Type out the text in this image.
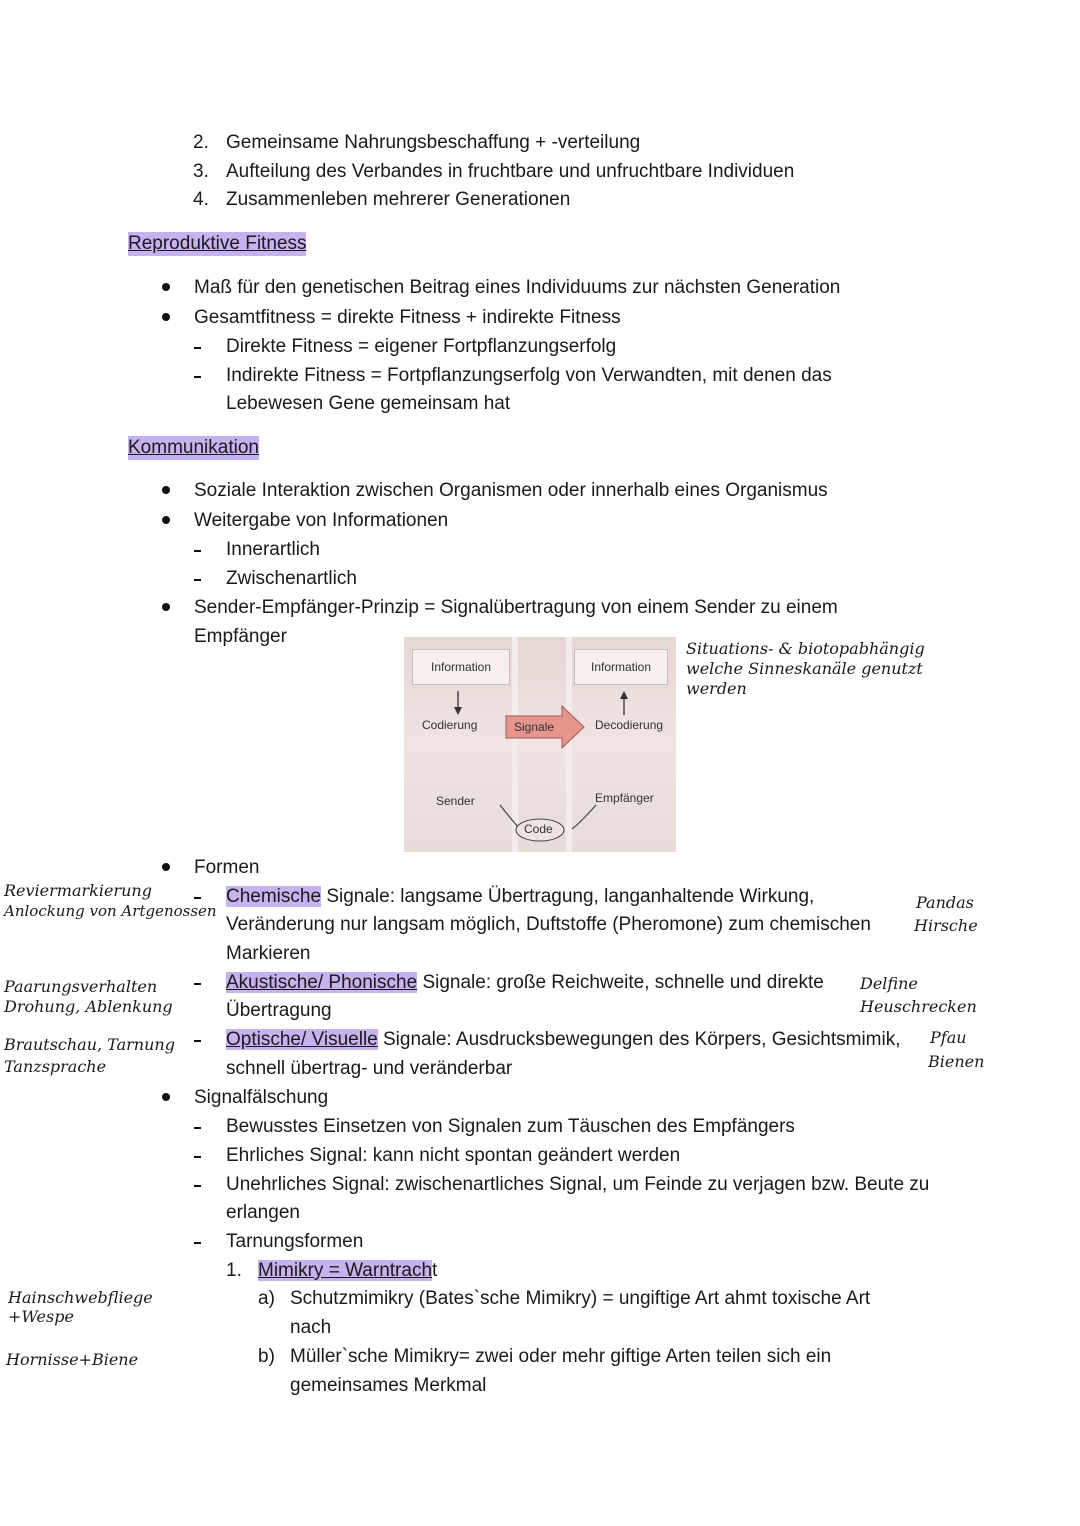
2. Gemeinsame Nahrungsbeschaffung + -verteilung
3. Aufteilung des Verbandes in fruchtbare und unfruchtbare Individuen
4. Zusammenleben mehrerer Generationen
Reproduktive Fitness
Maß für den genetischen Beitrag eines Individuums zur nächsten Generation
Gesamtfitness = direkte Fitness + indirekte Fitness
Direkte Fitness = eigener Fortpflanzungserfolg
Indirekte Fitness = Fortpflanzungserfolg von Verwandten, mit denen das
Lebewesen Gene gemeinsam hat
Kommunikation
Soziale Interaktion zwischen Organismen oder innerhalb eines Organismus
Weitergabe von Informationen
Innerartlich
Zwischenartlich
Sender-Empfänger-Prinzip = Signalübertragung von einem Sender zu einem
Empfänger
Information	Information
Codierung	Signale	Decodierung
Sender	Empfänger
Code
Situations- & biotopabhängig
welche Sinneskanäle genutzt
werden
Formen
Chemische Signale: langsame Übertragung, langanhaltende Wirkung,
Veränderung nur langsam möglich, Duftstoffe (Pheromone) zum chemischen
Markieren
Akustische/ Phonische Signale: große Reichweite, schnelle und direkte
Übertragung
Optische/ Visuelle Signale: Ausdrucksbewegungen des Körpers, Gesichtsmimik,
schnell übertrag- und veränderbar
Reviermarkierung
Anlockung von Artgenossen
Paarungsverhalten
Drohung, Ablenkung
Brautschau, Tarnung
Tanzsprache
Hainschwebfliege
+Wespe
Hornisse+Biene
Pandas
Hirsche
Delfine
Heuschrecken
Pfau
Bienen
Signalfälschung
Bewusstes Einsetzen von Signalen zum Täuschen des Empfängers
Ehrliches Signal: kann nicht spontan geändert werden
Unehrliches Signal: zwischenartliches Signal, um Feinde zu verjagen bzw. Beute zu
erlangen
Tarnungsformen
1. Mimikry = Warntracht
a) Schutzmimikry (Bates`sche Mimikry) = ungiftige Art ahmt toxische Art
nach
b) Müller`sche Mimikry= zwei oder mehr giftige Arten teilen sich ein
gemeinsames Merkmal
